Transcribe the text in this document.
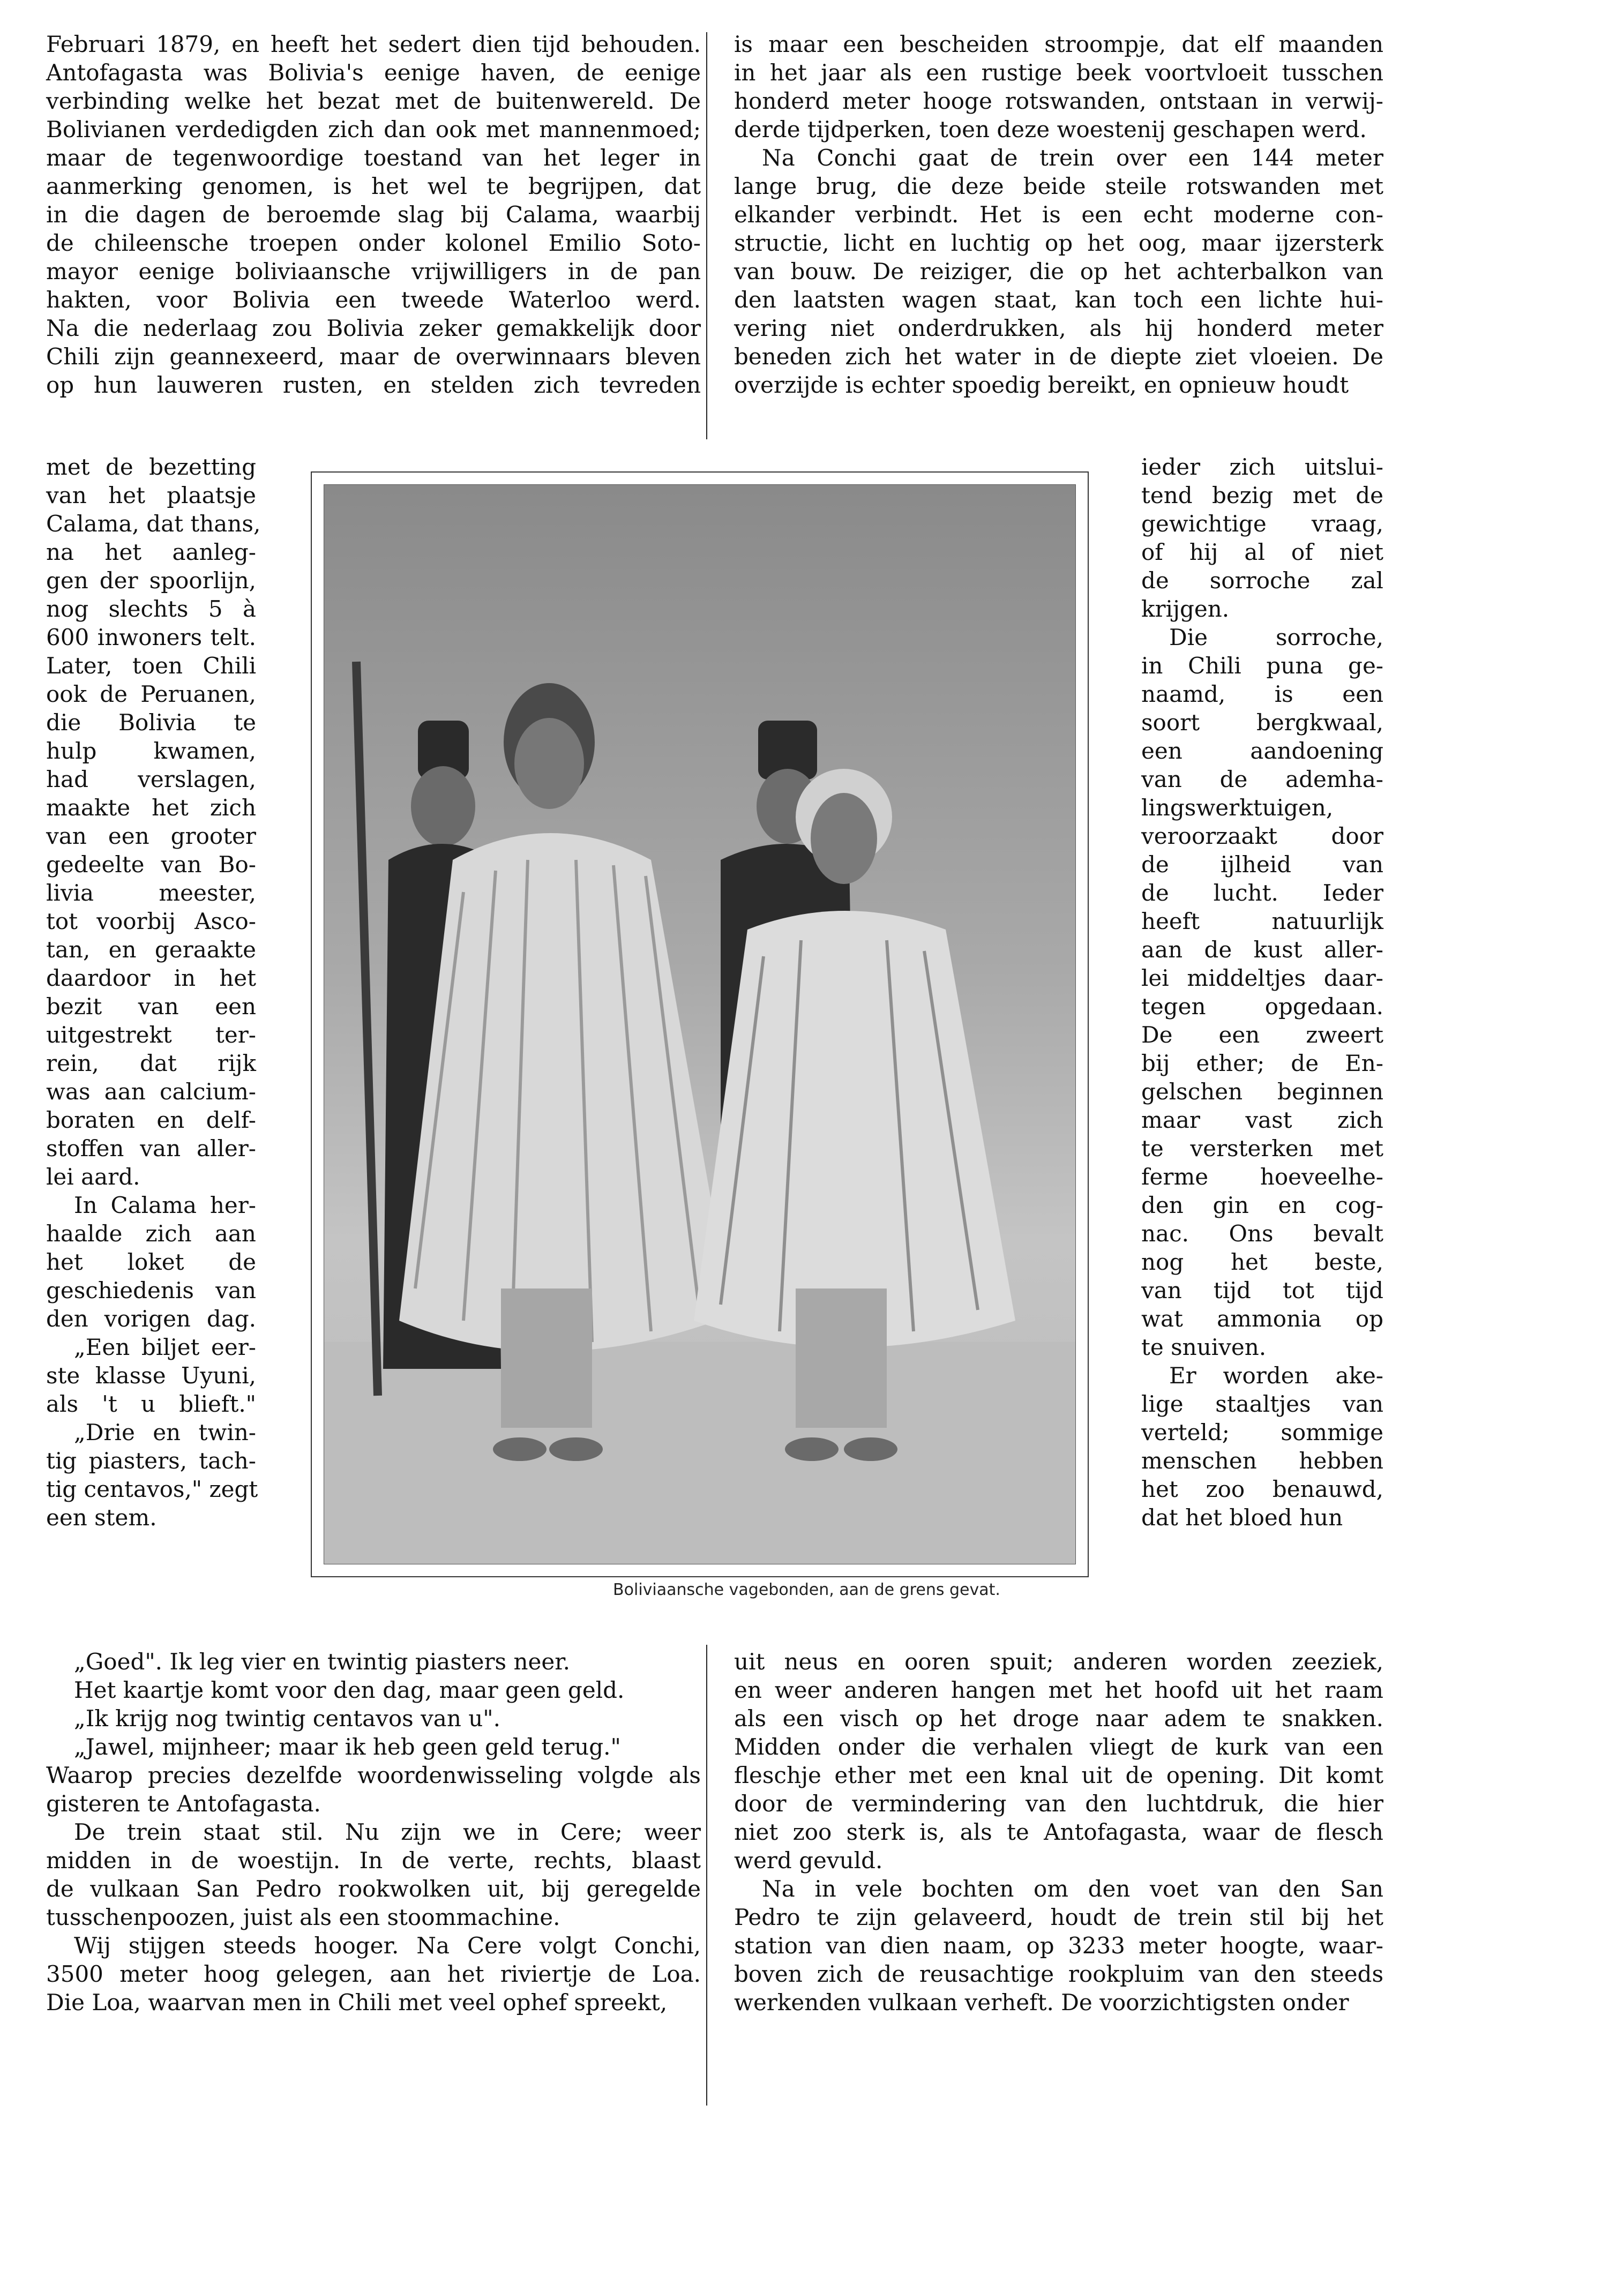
Februari 1879, en heeft het sedert dien tijd behouden.
Antofagasta was Bolivia's eenige haven, de eenige
verbinding welke het bezat met de buitenwereld. De
Bolivianen verdedigden zich dan ook met mannenmoed;
maar de tegenwoordige toestand van het leger in
aanmerking genomen, is het wel te begrijpen, dat
in die dagen de beroemde slag bij Calama, waarbij
de chileensche troepen onder kolonel Emilio Soto-
mayor eenige boliviaansche vrijwilligers in de pan
hakten, voor Bolivia een tweede Waterloo werd.
Na die nederlaag zou Bolivia zeker gemakkelijk door
Chili zijn geannexeerd, maar de overwinnaars bleven
op hun lauweren rusten, en stelden zich tevreden
met de bezetting
van het plaatsje
Calama, dat thans,
na het aanleg-
gen der spoorlijn,
nog slechts 5 à
600 inwoners telt.
Later, toen Chili
ook de Peruanen,
die Bolivia te
hulp kwamen,
had verslagen,
maakte het zich
van een grooter
gedeelte van Bo-
livia meester,
tot voorbij Asco-
tan, en geraakte
daardoor in het
bezit van een
uitgestrekt ter-
rein, dat rijk
was aan calcium-
boraten en delf-
stoffen van aller-
lei aard.
In Calama her-
haalde zich aan
het loket de
geschiedenis van
den vorigen dag.
„Een biljet eer-
ste klasse Uyuni,
als 't u blieft."
„Drie en twin-
tig piasters, tach-
tig centavos," zegt
een stem.
„Goed". Ik leg vier en twintig piasters neer.
Het kaartje komt voor den dag, maar geen geld.
„Ik krijg nog twintig centavos van u".
„Jawel, mijnheer; maar ik heb geen geld terug."
Waarop precies dezelfde woordenwisseling volgde als
gisteren te Antofagasta.
De trein staat stil. Nu zijn we in Cere; weer
midden in de woestijn. In de verte, rechts, blaast
de vulkaan San Pedro rookwolken uit, bij geregelde
tusschenpoozen, juist als een stoommachine.
Wij stijgen steeds hooger. Na Cere volgt Conchi,
3500 meter hoog gelegen, aan het riviertje de Loa.
Die Loa, waarvan men in Chili met veel ophef spreekt,
is maar een bescheiden stroompje, dat elf maanden
in het jaar als een rustige beek voortvloeit tusschen
honderd meter hooge rotswanden, ontstaan in verwij-
derde tijdperken, toen deze woestenij geschapen werd.
Na Conchi gaat de trein over een 144 meter
lange brug, die deze beide steile rotswanden met
elkander verbindt. Het is een echt moderne con-
structie, licht en luchtig op het oog, maar ijzersterk
van bouw. De reiziger, die op het achterbalkon van
den laatsten wagen staat, kan toch een lichte hui-
vering niet onderdrukken, als hij honderd meter
beneden zich het water in de diepte ziet vloeien. De
overzijde is echter spoedig bereikt, en opnieuw houdt
ieder zich uitslui-
tend bezig met de
gewichtige vraag,
of hij al of niet
de sorroche zal
krijgen.
Die sorroche,
in Chili puna ge-
naamd, is een
soort bergkwaal,
een aandoening
van de ademha-
lingswerktuigen,
veroorzaakt door
de ijlheid van
de lucht. Ieder
heeft natuurlijk
aan de kust aller-
lei middeltjes daar-
tegen opgedaan.
De een zweert
bij ether; de En-
gelschen beginnen
maar vast zich
te versterken met
ferme hoeveelhe-
den gin en cog-
nac. Ons bevalt
nog het beste,
van tijd tot tijd
wat ammonia op
te snuiven.
Er worden ake-
lige staaltjes van
verteld; sommige
menschen hebben
het zoo benauwd,
dat het bloed hun
uit neus en ooren spuit; anderen worden zeeziek,
en weer anderen hangen met het hoofd uit het raam
als een visch op het droge naar adem te snakken.
Midden onder die verhalen vliegt de kurk van een
fleschje ether met een knal uit de opening. Dit komt
door de vermindering van den luchtdruk, die hier
niet zoo sterk is, als te Antofagasta, waar de flesch
werd gevuld.
Na in vele bochten om den voet van den San
Pedro te zijn gelaveerd, houdt de trein stil bij het
station van dien naam, op 3233 meter hoogte, waar-
boven zich de reusachtige rookpluim van den steeds
werkenden vulkaan verheft. De voorzichtigsten onder
Boliviaansche vagebonden, aan de grens gevat.
